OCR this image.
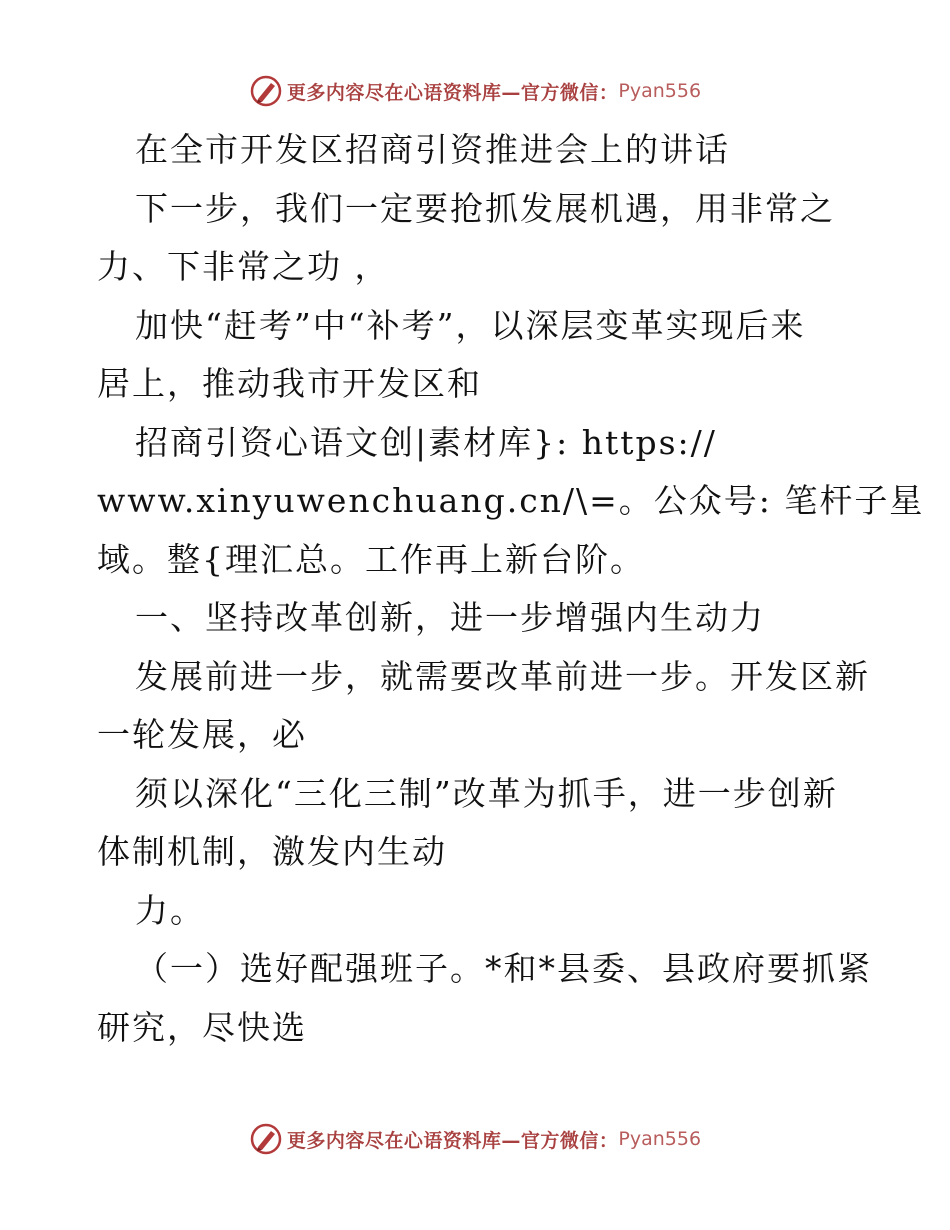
更多内容尽在心语资料库—官方微信： Pyan556
在全市开发区招商引资推进会上的讲话
下一步，我们一定要抢抓发展机遇，用非常之
力、下非常之功 ，
加快“赶考”中“补考”，以深层变革实现后来
居上，推动我市开发区和
招商引资心语文创|素材库}: https://
www.xinyuwenchuang.cn/\=。公众号: 笔杆子星
域。整{理汇总。工作再上新台阶。
一、坚持改革创新，进一步增强内生动力
发展前进一步，就需要改革前进一步。开发区新
一轮发展，必
须以深化“三化三制”改革为抓手，进一步创新
体制机制，激发内生动
力。
（一）选好配强班子。*和*县委、县政府要抓紧
研究，尽快选
更多内容尽在心语资料库—官方微信： Pyan556
